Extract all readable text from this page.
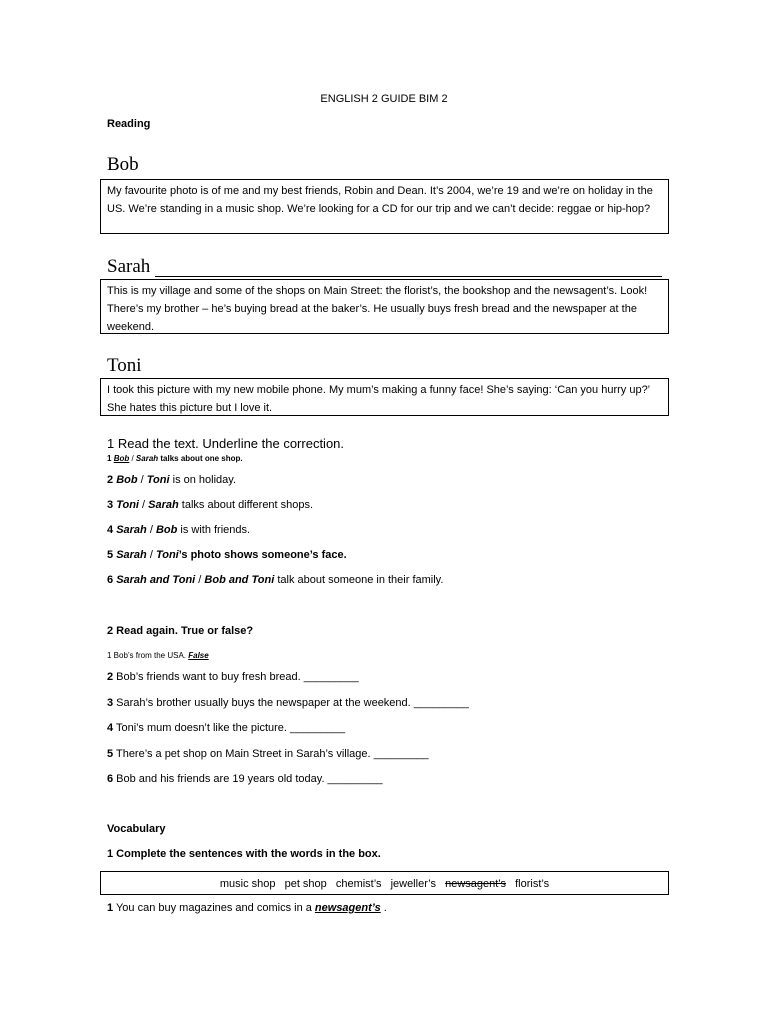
ENGLISH 2 GUIDE BIM 2
Reading
Bob
My favourite photo is of me and my best friends, Robin and Dean. It’s 2004, we’re 19 and we’re on holiday in the US. We’re standing in a music shop. We’re looking for a CD for our trip and we can’t decide: reggae or hip-hop?
Sarah
This is my village and some of the shops on Main Street: the florist’s, the bookshop and the newsagent’s. Look! There’s my brother – he’s buying bread at the baker’s. He usually buys fresh bread and the newspaper at the weekend.
Toni
I took this picture with my new mobile phone. My mum’s making a funny face! She’s saying: ‘Can you hurry up?’ She hates this picture but I love it.
1 Read the text. Underline the correction.
1 Bob / Sarah talks about one shop.
2 Bob / Toni is on holiday.
3 Toni / Sarah talks about different shops.
4 Sarah / Bob is with friends.
5 Sarah / Toni’s photo shows someone’s face.
6 Sarah and Toni / Bob and Toni talk about someone in their family.
2 Read again. True or false?
1 Bob’s from the USA. False
2 Bob’s friends want to buy fresh bread. _________
3 Sarah’s brother usually buys the newspaper at the weekend. _________
4 Toni’s mum doesn’t like the picture. _________
5 There’s a pet shop on Main Street in Sarah’s village. _________
6 Bob and his friends are 19 years old today. _________
Vocabulary
1 Complete the sentences with the words in the box.
music shop pet shop chemist’s jeweller’s newsagent’s florist’s
1 You can buy magazines and comics in a newsagent’s .
